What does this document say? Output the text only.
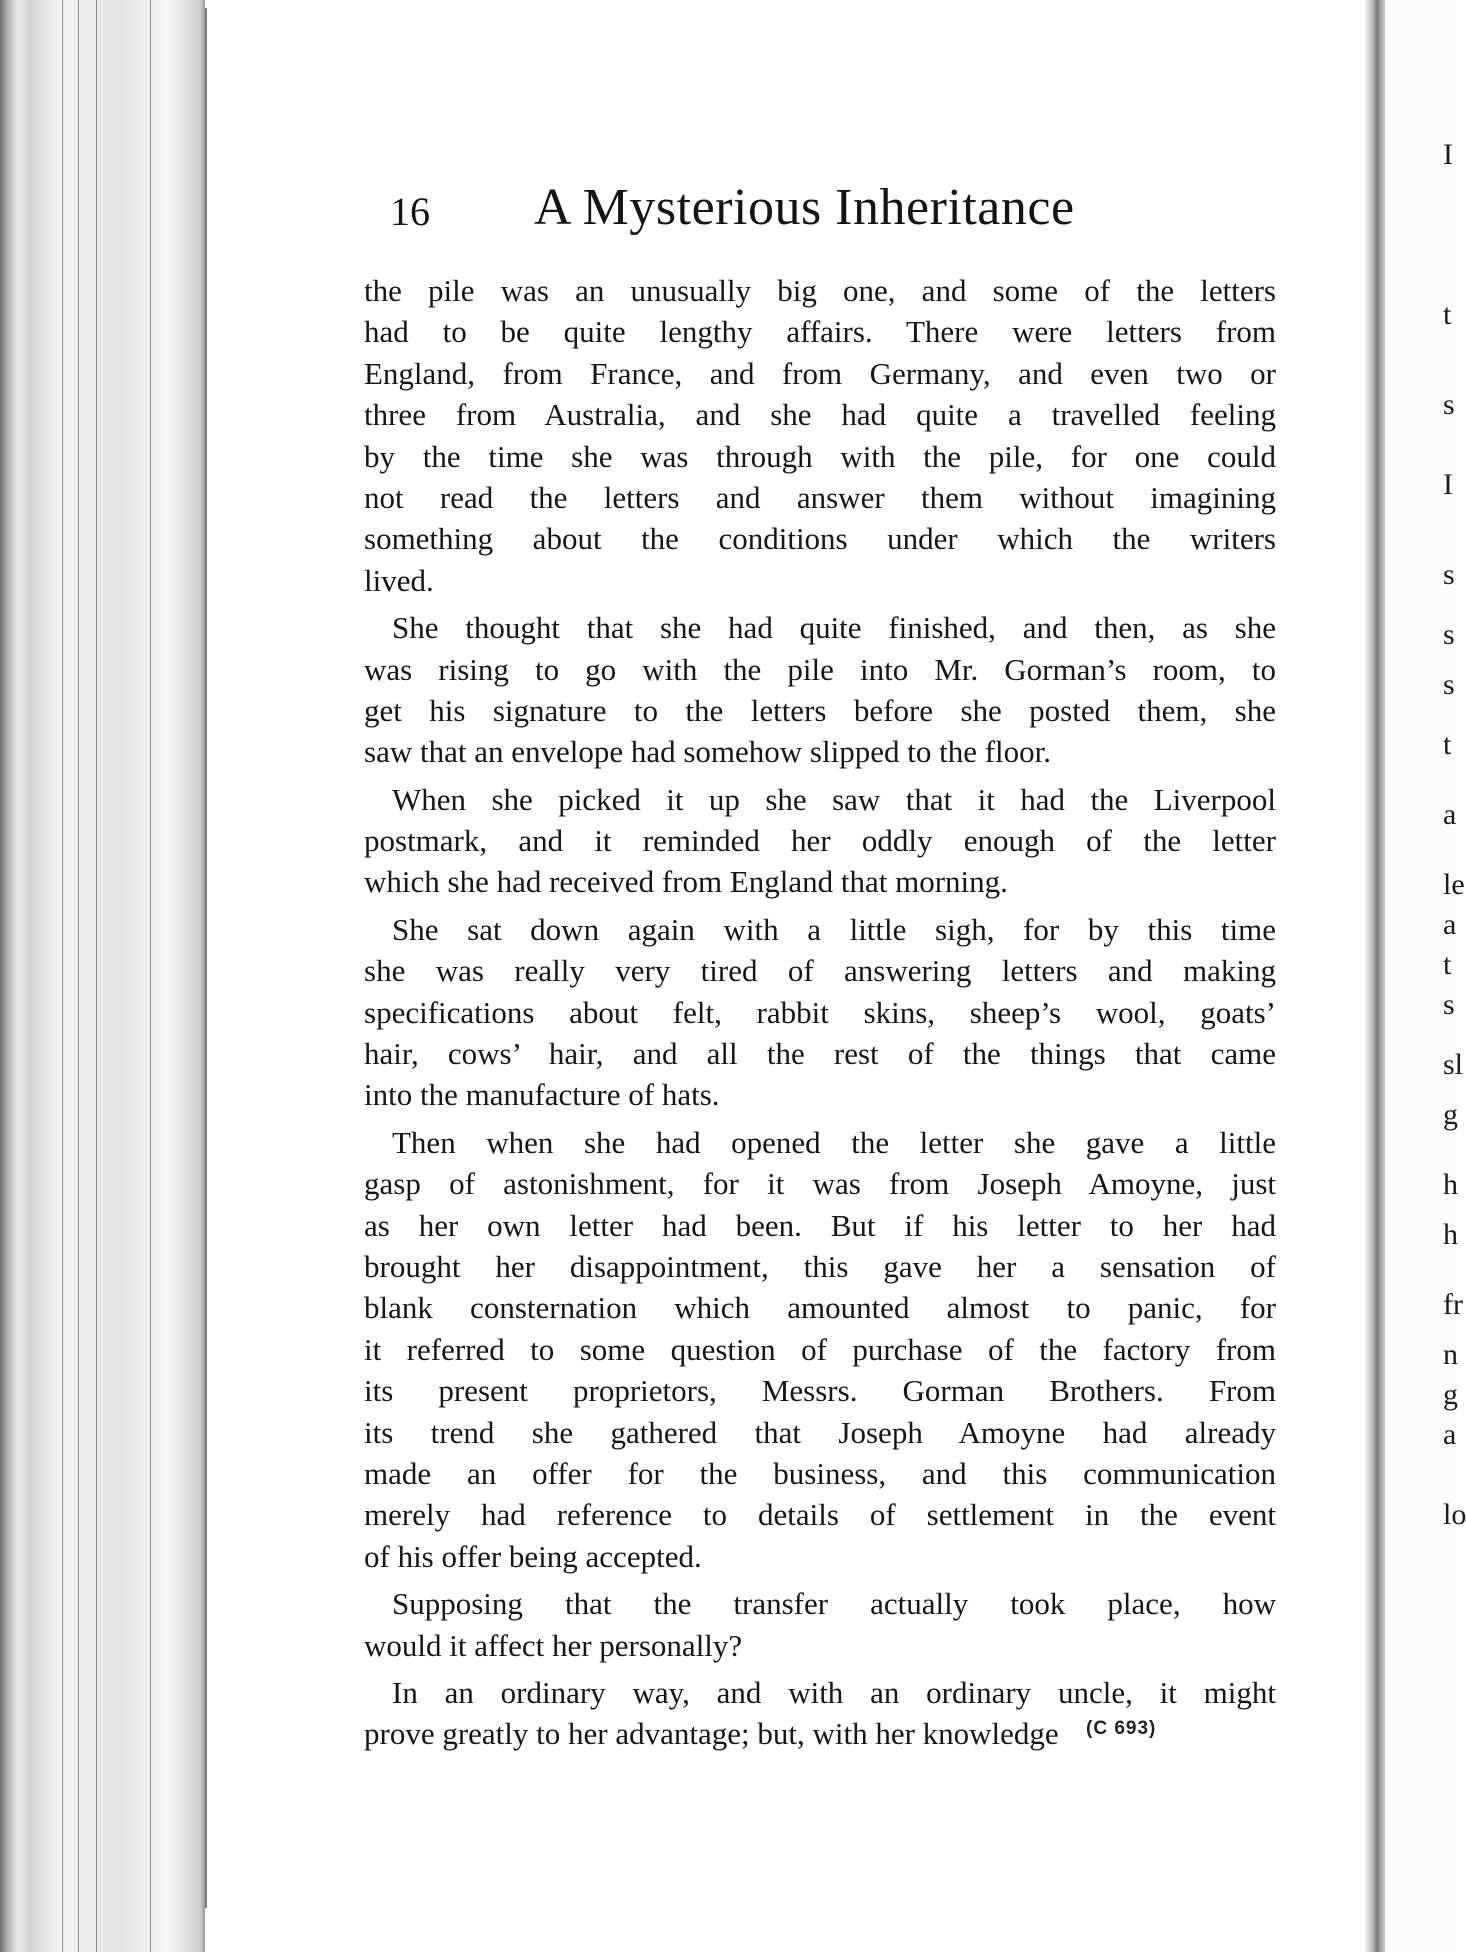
I
t
s
I
s
s
s
t
a
le
a
t
s
sl
g
h
h
fr
n
g
a
lo
16 A Mysterious Inheritance
the pile was an unusually big one, and some of the letters
had to be quite lengthy affairs. There were letters from
England, from France, and from Germany, and even two or
three from Australia, and she had quite a travelled feeling
by the time she was through with the pile, for one could
not read the letters and answer them without imagining
something about the conditions under which the writers
lived.
She thought that she had quite finished, and then, as she
was rising to go with the pile into Mr. Gorman’s room, to
get his signature to the letters before she posted them, she
saw that an envelope had somehow slipped to the floor.
When she picked it up she saw that it had the Liverpool
postmark, and it reminded her oddly enough of the letter
which she had received from England that morning.
She sat down again with a little sigh, for by this time
she was really very tired of answering letters and making
specifications about felt, rabbit skins, sheep’s wool, goats’
hair, cows’ hair, and all the rest of the things that came
into the manufacture of hats.
Then when she had opened the letter she gave a little
gasp of astonishment, for it was from Joseph Amoyne, just
as her own letter had been. But if his letter to her had
brought her disappointment, this gave her a sensation of
blank consternation which amounted almost to panic, for
it referred to some question of purchase of the factory from
its present proprietors, Messrs. Gorman Brothers. From
its trend she gathered that Joseph Amoyne had already
made an offer for the business, and this communication
merely had reference to details of settlement in the event
of his offer being accepted.
Supposing that the transfer actually took place, how
would it affect her personally?
In an ordinary way, and with an ordinary uncle, it might
prove greatly to her advantage; but, with her knowledge	(C 693)
